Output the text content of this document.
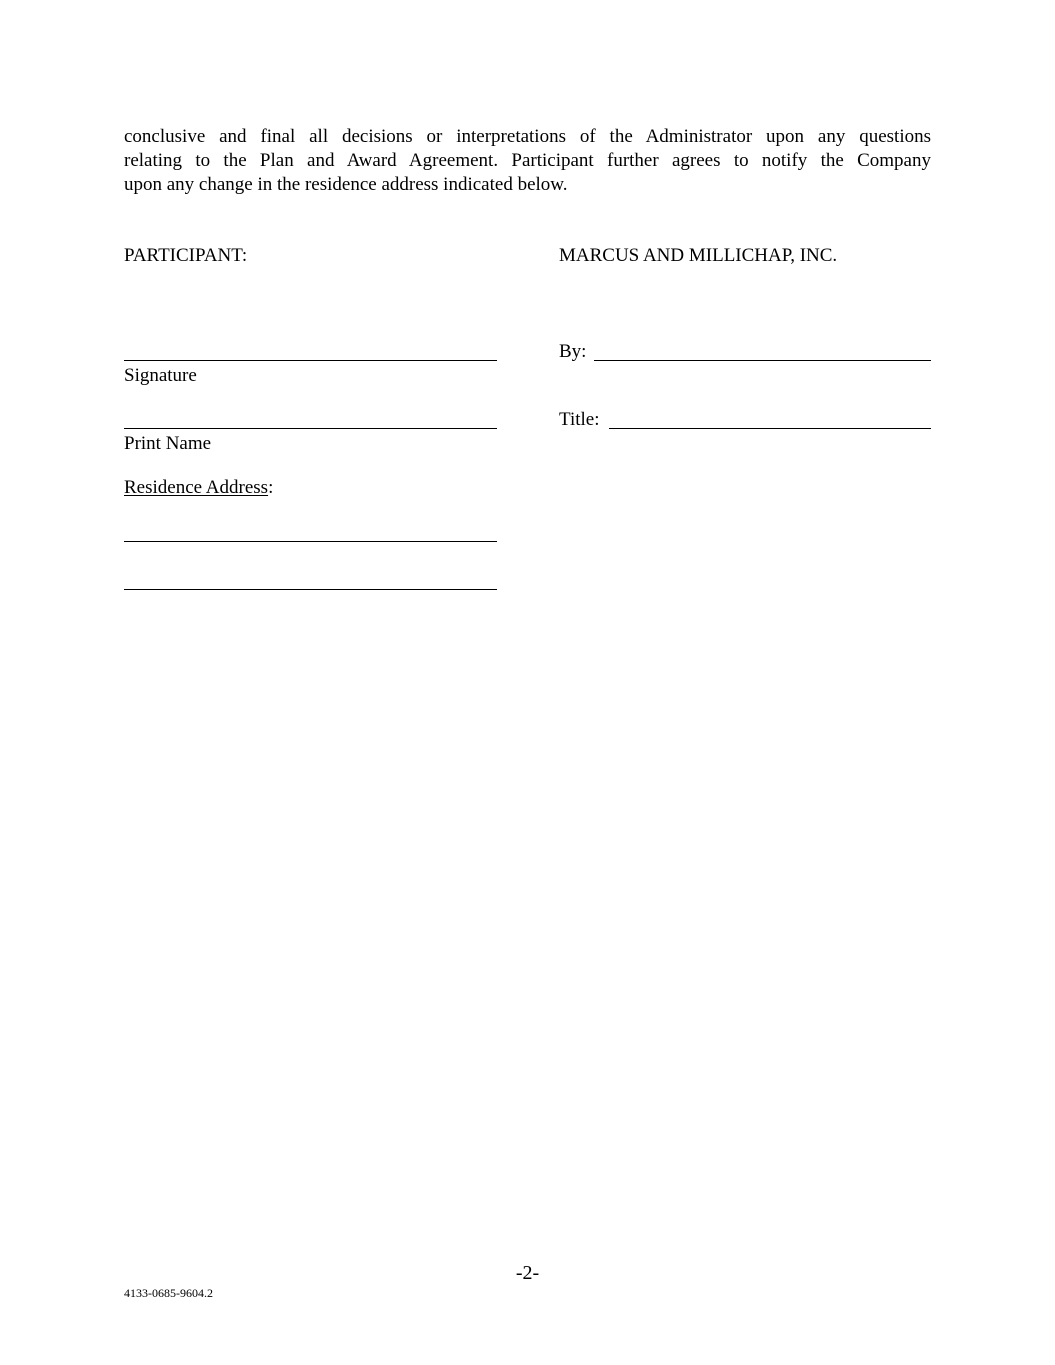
conclusive and final all decisions or interpretations of the Administrator upon any questions
relating to the Plan and Award Agreement. Participant further agrees to notify the Company
upon any change in the residence address indicated below.
PARTICIPANT:
Signature
Print Name
Residence Address:
MARCUS AND MILLICHAP, INC.
By:
Title:
-2-
4133-0685-9604.2
